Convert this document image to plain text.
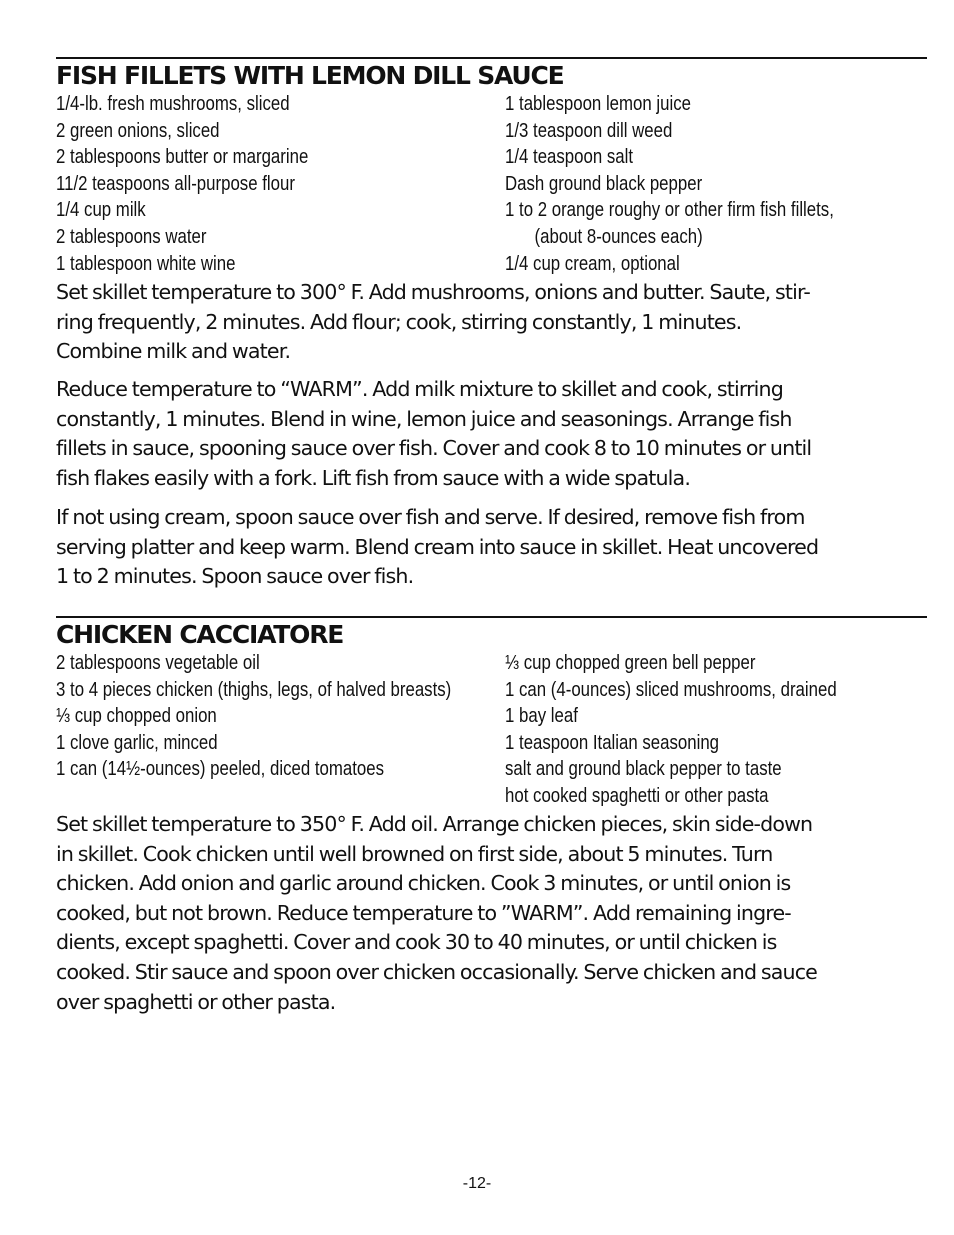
FISH FILLETS WITH LEMON DILL SAUCE
1/4-lb. fresh mushrooms, sliced
2 green onions, sliced
2 tablespoons butter or margarine
11/2 teaspoons all-purpose flour
1/4 cup milk
2 tablespoons water
1 tablespoon white wine
1 tablespoon lemon juice
1/3 teaspoon dill weed
1/4 teaspoon salt
Dash ground black pepper
1 to 2 orange roughy or other firm fish fillets,
(about 8-ounces each)
1/4 cup cream, optional

Set skillet temperature to 300° F. Add mushrooms, onions and butter. Saute, stir-
ring frequently, 2 minutes. Add flour; cook, stirring constantly, 1 minutes.
Combine milk and water.

Reduce temperature to “WARM”. Add milk mixture to skillet and cook, stirring
constantly, 1 minutes. Blend in wine, lemon juice and seasonings. Arrange fish
fillets in sauce, spooning sauce over fish. Cover and cook 8 to 10 minutes or until
fish flakes easily with a fork. Lift fish from sauce with a wide spatula.

If not using cream, spoon sauce over fish and serve. If desired, remove fish from
serving platter and keep warm. Blend cream into sauce in skillet. Heat uncovered
1 to 2 minutes. Spoon sauce over fish.

CHICKEN CACCIATORE
2 tablespoons vegetable oil
3 to 4 pieces chicken (thighs, legs, of halved breasts)
⅓ cup chopped onion
1 clove garlic, minced
1 can (14½-ounces) peeled, diced tomatoes
⅓ cup chopped green bell pepper
1 can (4-ounces) sliced mushrooms, drained
1 bay leaf
1 teaspoon Italian seasoning
salt and ground black pepper to taste
hot cooked spaghetti or other pasta

Set skillet temperature to 350° F. Add oil. Arrange chicken pieces, skin side-down
in skillet. Cook chicken until well browned on first side, about 5 minutes. Turn
chicken. Add onion and garlic around chicken. Cook 3 minutes, or until onion is
cooked, but not brown. Reduce temperature to ”WARM”. Add remaining ingre-
dients, except spaghetti. Cover and cook 30 to 40 minutes, or until chicken is
cooked. Stir sauce and spoon over chicken occasionally. Serve chicken and sauce
over spaghetti or other pasta.

-12-
